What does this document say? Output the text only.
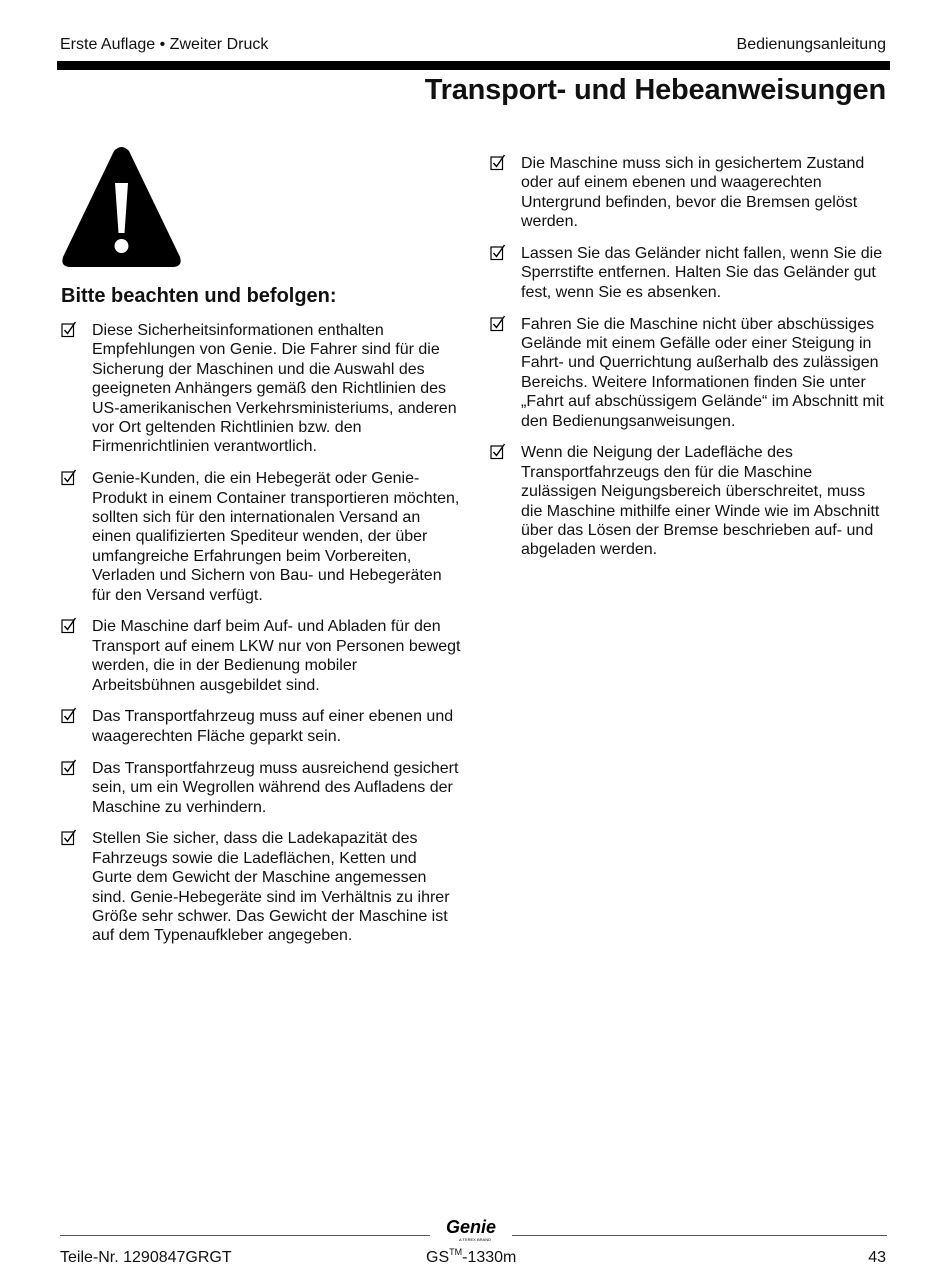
Erste Auflage • Zweiter Druck	Bedienungsanleitung
Transport- und Hebeanweisungen
Bitte beachten und befolgen:
Diese Sicherheitsinformationen enthalten Empfehlungen von Genie. Die Fahrer sind für die Sicherung der Maschinen und die Auswahl des geeigneten Anhängers gemäß den Richtlinien des US-amerikanischen Verkehrsministeriums, anderen vor Ort geltenden Richtlinien bzw. den Firmenrichtlinien verantwortlich.
Genie-Kunden, die ein Hebegerät oder Genie-Produkt in einem Container transportieren möchten, sollten sich für den internationalen Versand an einen qualifizierten Spediteur wenden, der über umfangreiche Erfahrungen beim Vorbereiten, Verladen und Sichern von Bau- und Hebegeräten für den Versand verfügt.
Die Maschine darf beim Auf- und Abladen für den Transport auf einem LKW nur von Personen bewegt werden, die in der Bedienung mobiler Arbeitsbühnen ausgebildet sind.
Das Transportfahrzeug muss auf einer ebenen und waagerechten Fläche geparkt sein.
Das Transportfahrzeug muss ausreichend gesichert sein, um ein Wegrollen während des Aufladens der Maschine zu verhindern.
Stellen Sie sicher, dass die Ladekapazität des Fahrzeugs sowie die Ladeflächen, Ketten und Gurte dem Gewicht der Maschine angemessen sind. Genie-Hebegeräte sind im Verhältnis zu ihrer Größe sehr schwer. Das Gewicht der Maschine ist auf dem Typenaufkleber angegeben.
Die Maschine muss sich in gesichertem Zustand oder auf einem ebenen und waagerechten Untergrund befinden, bevor die Bremsen gelöst werden.
Lassen Sie das Geländer nicht fallen, wenn Sie die Sperrstifte entfernen. Halten Sie das Geländer gut fest, wenn Sie es absenken.
Fahren Sie die Maschine nicht über abschüssiges Gelände mit einem Gefälle oder einer Steigung in Fahrt- und Querrichtung außerhalb des zulässigen Bereichs. Weitere Informationen finden Sie unter „Fahrt auf abschüssigem Gelände“ im Abschnitt mit den Bedienungsanweisungen.
Wenn die Neigung der Ladefläche des Transportfahrzeugs den für die Maschine zulässigen Neigungsbereich überschreitet, muss die Maschine mithilfe einer Winde wie im Abschnitt über das Lösen der Bremse beschrieben auf- und abgeladen werden.
Genie
A TEREX BRAND
Teile-Nr. 1290847GRGT	GS™-1330m	43
